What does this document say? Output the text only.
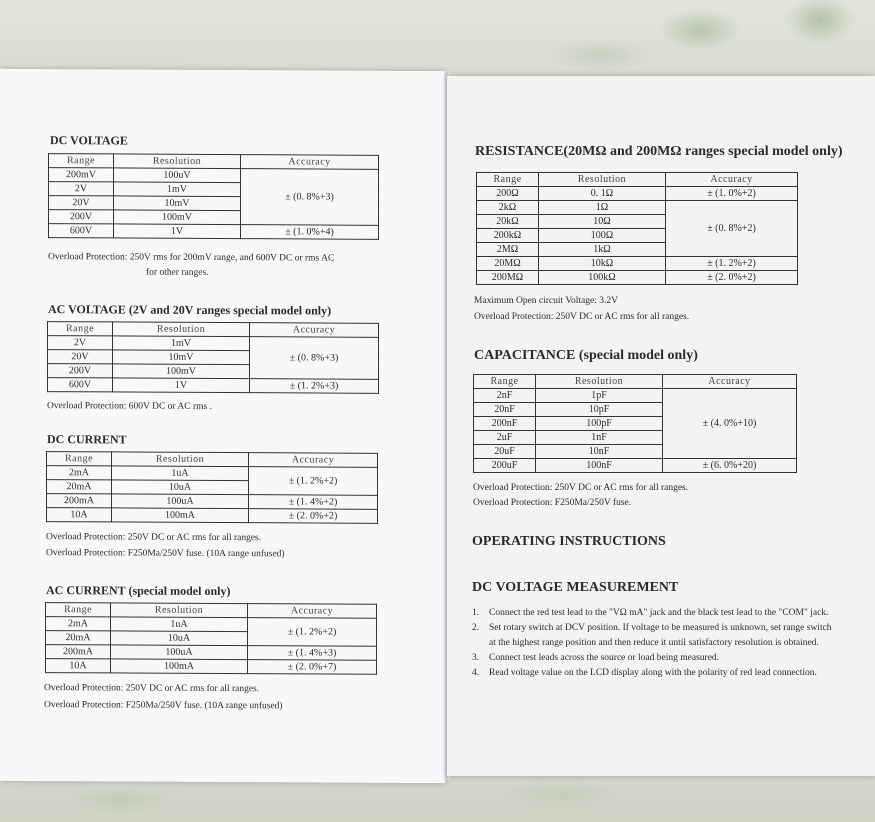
DC VOLTAGE
Range	Resolution	Accuracy
200mV	100uV	± (0. 8%+3)
2V	1mV	
20V	10mV	
200V	100mV	
600V	1V	± (1. 0%+4)
Overload Protection: 250V rms for 200mV range, and 600V DC or rms AC
for other ranges.
AC VOLTAGE (2V and 20V ranges special model only)
Range	Resolution	Accuracy
2V	1mV	± (0. 8%+3)
20V	10mV	
200V	100mV	
600V	1V	± (1. 2%+3)
Overload Protection: 600V DC or AC rms .
DC CURRENT
Range	Resolution	Accuracy
2mA	1uA	± (1. 2%+2)
20mA	10uA	
200mA	100uA	± (1. 4%+2)
10A	100mA	± (2. 0%+2)
Overload Protection: 250V DC or AC rms for all ranges.
Overload Protection: F250Ma/250V fuse. (10A range unfused)
AC CURRENT (special model only)
Range	Resolution	Accuracy
2mA	1uA	± (1. 2%+2)
20mA	10uA	
200mA	100uA	± (1. 4%+3)
10A	100mA	± (2. 0%+7)
Overload Protection: 250V DC or AC rms for all ranges.
Overload Protection: F250Ma/250V fuse. (10A range unfused)
RESISTANCE(20MΩ and 200MΩ ranges special model only)
Range	Resolution	Accuracy
200Ω	0. 1Ω	± (1. 0%+2)
2kΩ	1Ω	± (0. 8%+2)
20kΩ	10Ω	
200kΩ	100Ω	
2MΩ	1kΩ	
20MΩ	10kΩ	± (1. 2%+2)
200MΩ	100kΩ	± (2. 0%+2)
Maximum Open circuit Voltage: 3.2V
Overload Protection: 250V DC or AC rms for all ranges.
CAPACITANCE (special model only)
Range	Resolution	Accuracy
2nF	1pF	± (4. 0%+10)
20nF	10pF	
200nF	100pF	
2uF	1nF	
20uF	10nF	
200uF	100nF	± (6. 0%+20)
Overload Protection: 250V DC or AC rms for all ranges.
Overload Protection: F250Ma/250V fuse.
OPERATING INSTRUCTIONS
DC VOLTAGE MEASUREMENT
1. Connect the red test lead to the "VΩ mA" jack and the black test lead to the "COM" jack.
2. Set rotary switch at DCV position. If voltage to be measured is unknown, set range switch
at the highest range position and then reduce it until satisfactory resolution is obtained.
3. Connect test leads across the source or load being measured.
4. Read voltage value on the LCD display along with the polarity of red lead connection.
